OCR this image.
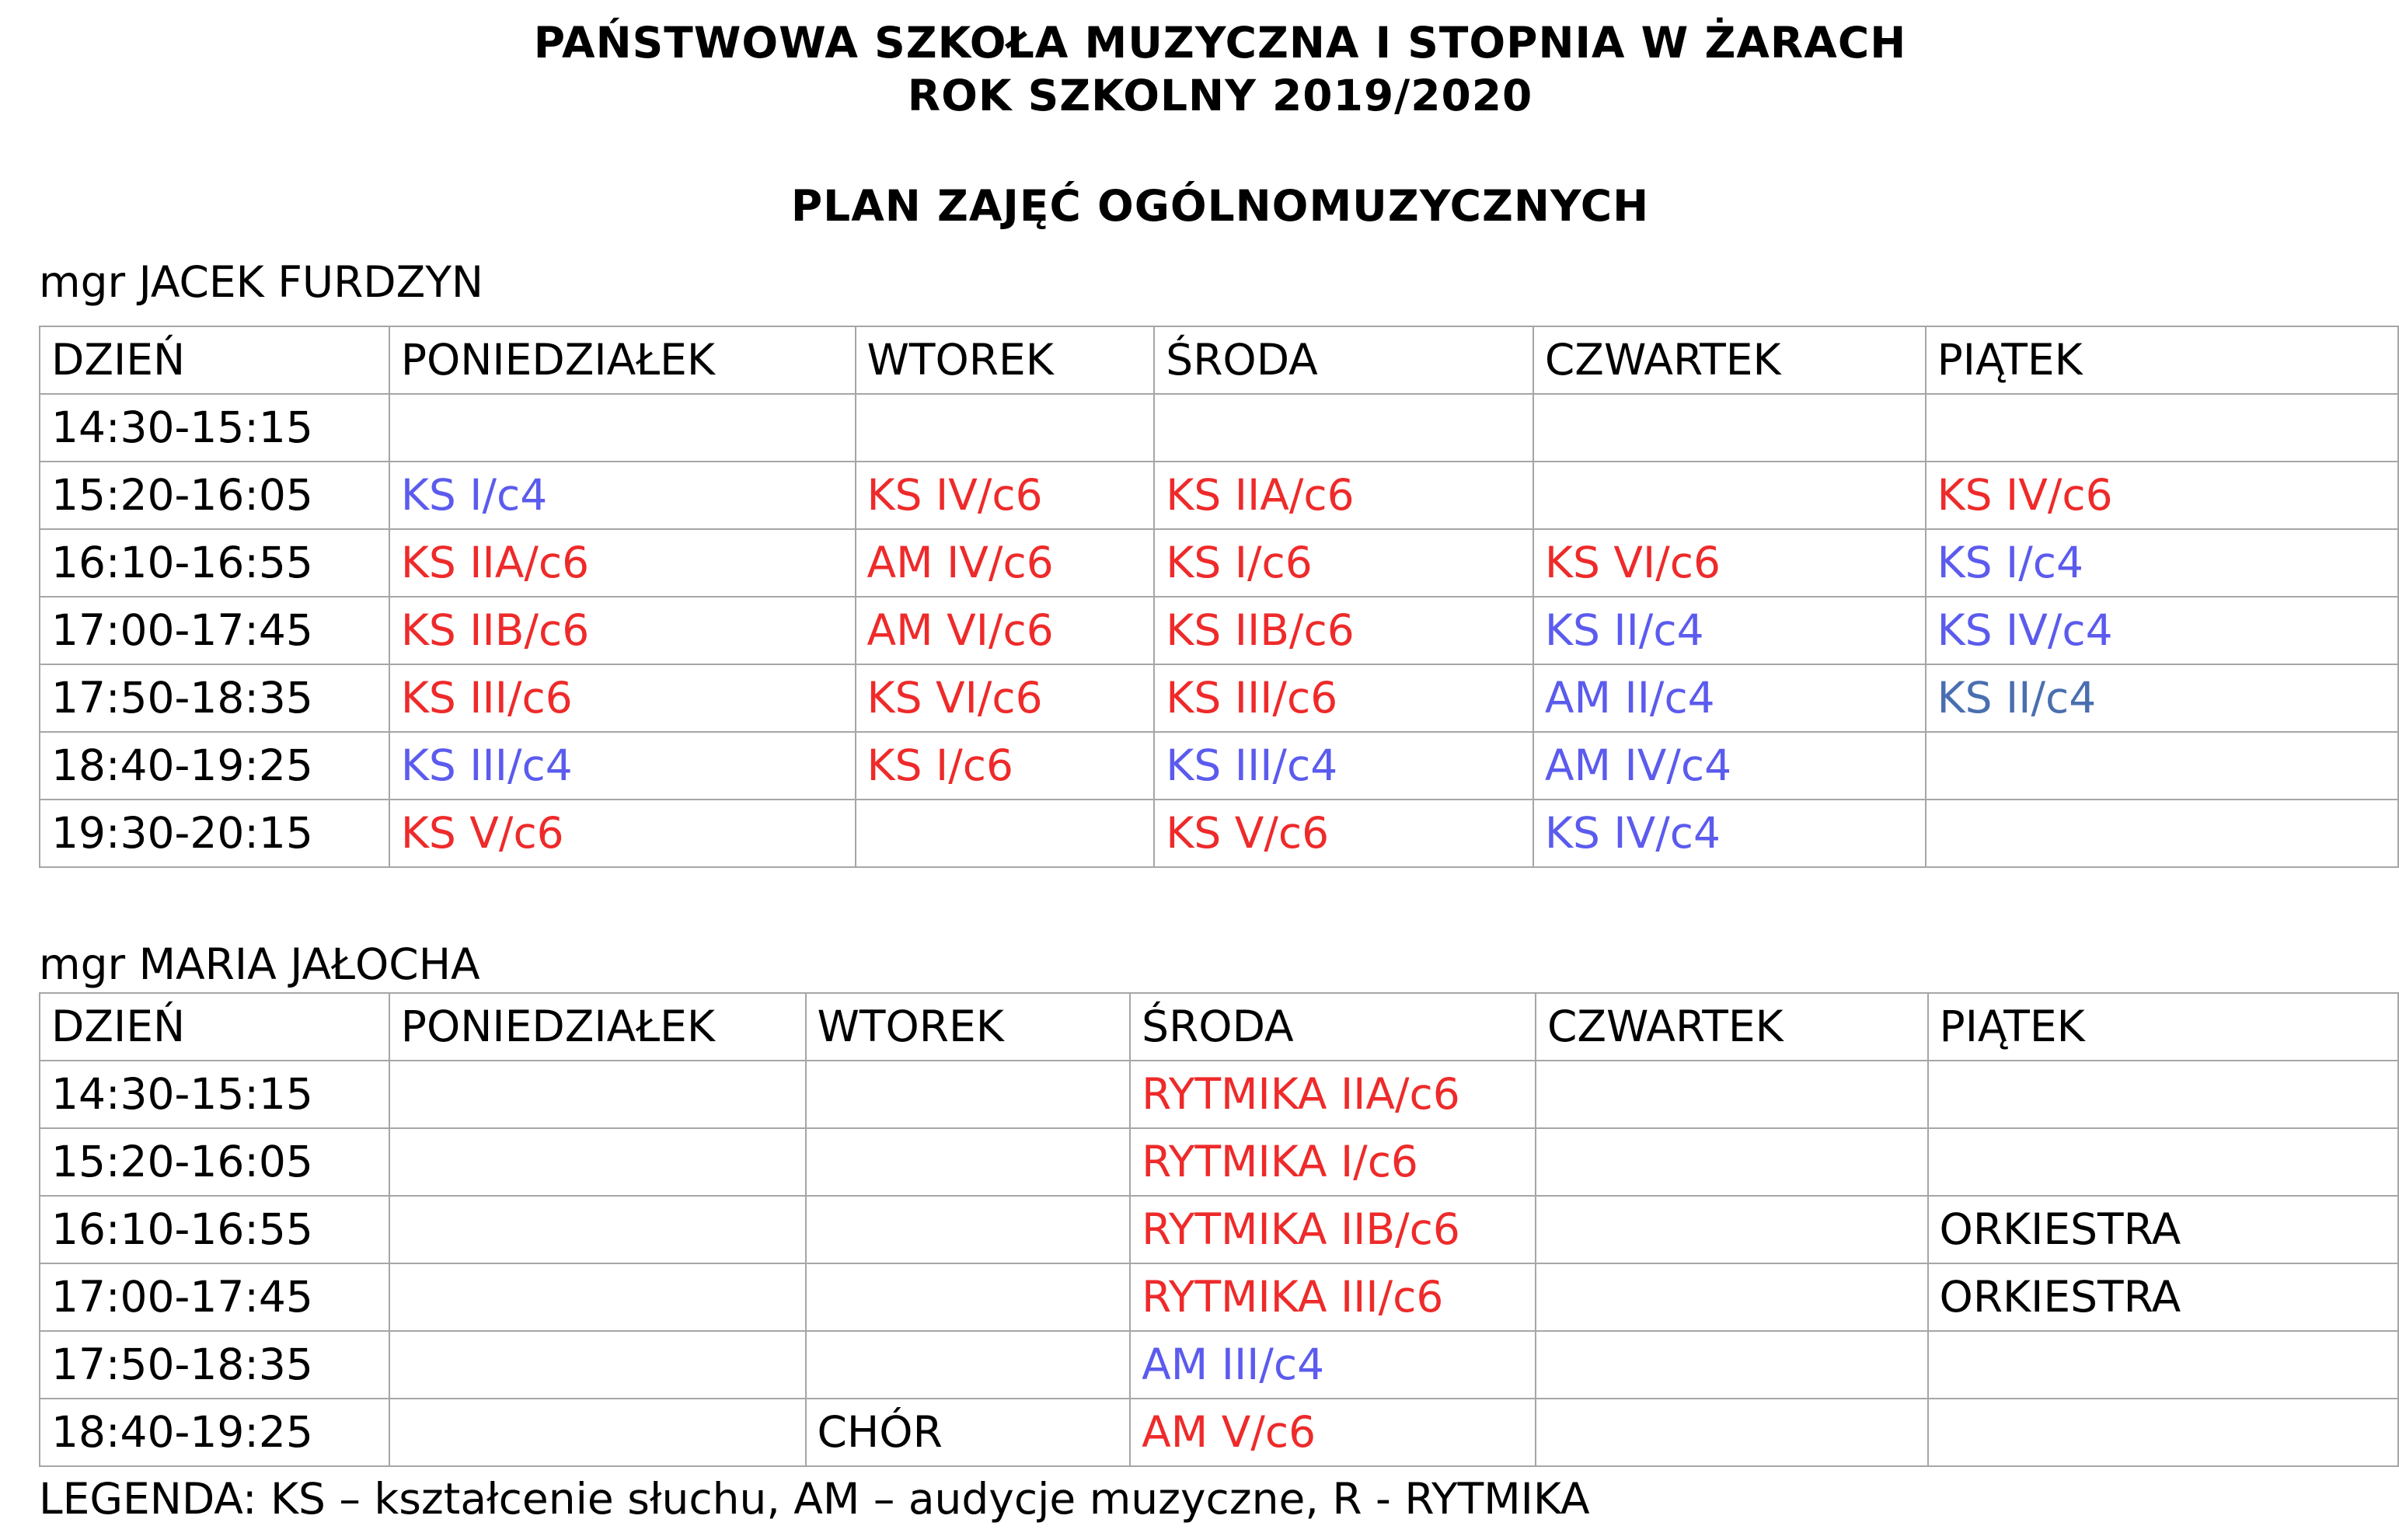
PAŃSTWOWA SZKOŁA MUZYCZNA I STOPNIA W ŻARACH
ROK SZKOLNY 2019/2020
PLAN ZAJĘĆ OGÓLNOMUZYCZNYCH
mgr JACEK FURDZYN
DZIEŃ	PONIEDZIAŁEK	WTOREK	ŚRODA	CZWARTEK	PIĄTEK
14:30-15:15					
15:20-16:05	KS I/c4	KS IV/c6	KS IIA/c6		KS IV/c6
16:10-16:55	KS IIA/c6	AM IV/c6	KS I/c6	KS VI/c6	KS I/c4
17:00-17:45	KS IIB/c6	AM VI/c6	KS IIB/c6	KS II/c4	KS IV/c4
17:50-18:35	KS III/c6	KS VI/c6	KS III/c6	AM II/c4	KS II/c4
18:40-19:25	KS III/c4	KS I/c6	KS III/c4	AM IV/c4	
19:30-20:15	KS V/c6		KS V/c6	KS IV/c4	
mgr MARIA JAŁOCHA
DZIEŃ	PONIEDZIAŁEK	WTOREK	ŚRODA	CZWARTEK	PIĄTEK
14:30-15:15			RYTMIKA IIA/c6		
15:20-16:05			RYTMIKA I/c6		
16:10-16:55			RYTMIKA IIB/c6		ORKIESTRA
17:00-17:45			RYTMIKA III/c6		ORKIESTRA
17:50-18:35			AM III/c4		
18:40-19:25		CHÓR	AM V/c6		
LEGENDA: KS – kształcenie słuchu, AM – audycje muzyczne, R - RYTMIKA
